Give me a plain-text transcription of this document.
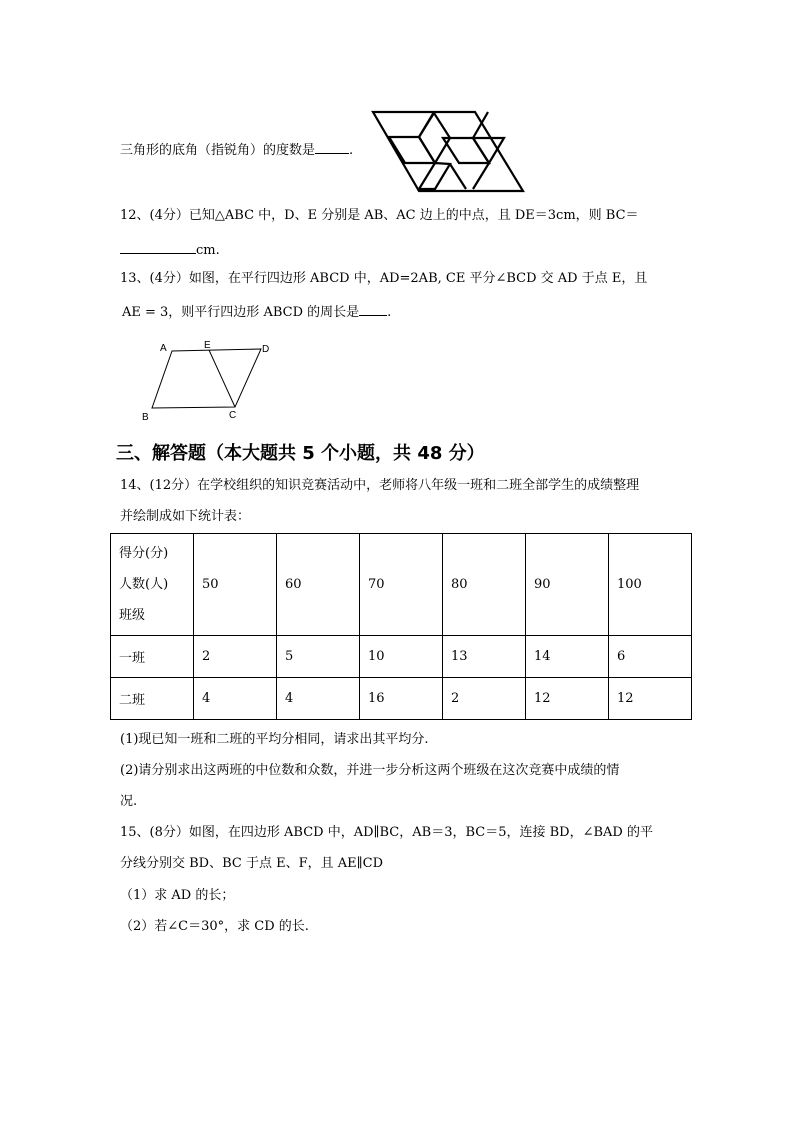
三角形的底角（指锐角）的度数是	.
12、(4分）已知△ABC 中，D、E 分别是 AB、AC 边上的中点，且 DE＝3cm，则 BC＝
cm.
13、(4分）如图，在平行四边形 ABCD 中，AD=2AB, CE 平分∠BCD 交 AD 于点 E，且
AE = 3，则平行四边形 ABCD 的周长是 .
A	E	D
B	C
三、解答题（本大题共 5 个小题，共 48 分）
14、(12分）在学校组织的知识竞赛活动中，老师将八年级一班和二班全部学生的成绩整理
并绘制成如下统计表：
得分(分)
人数(人)
班级	50	60	70	80	90	100
一班	2	5	10	13	14	6
二班	4	4	16	2	12	12
(1)现已知一班和二班的平均分相同，请求出其平均分.
(2)请分别求出这两班的中位数和众数，并进一步分析这两个班级在这次竞赛中成绩的情
况.
15、(8分）如图，在四边形 ABCD 中，AD∥BC，AB＝3，BC＝5，连接 BD，∠BAD 的平
分线分别交 BD、BC 于点 E、F，且 AE∥CD
（1）求 AD 的长；
（2）若∠C＝30°，求 CD 的长.
